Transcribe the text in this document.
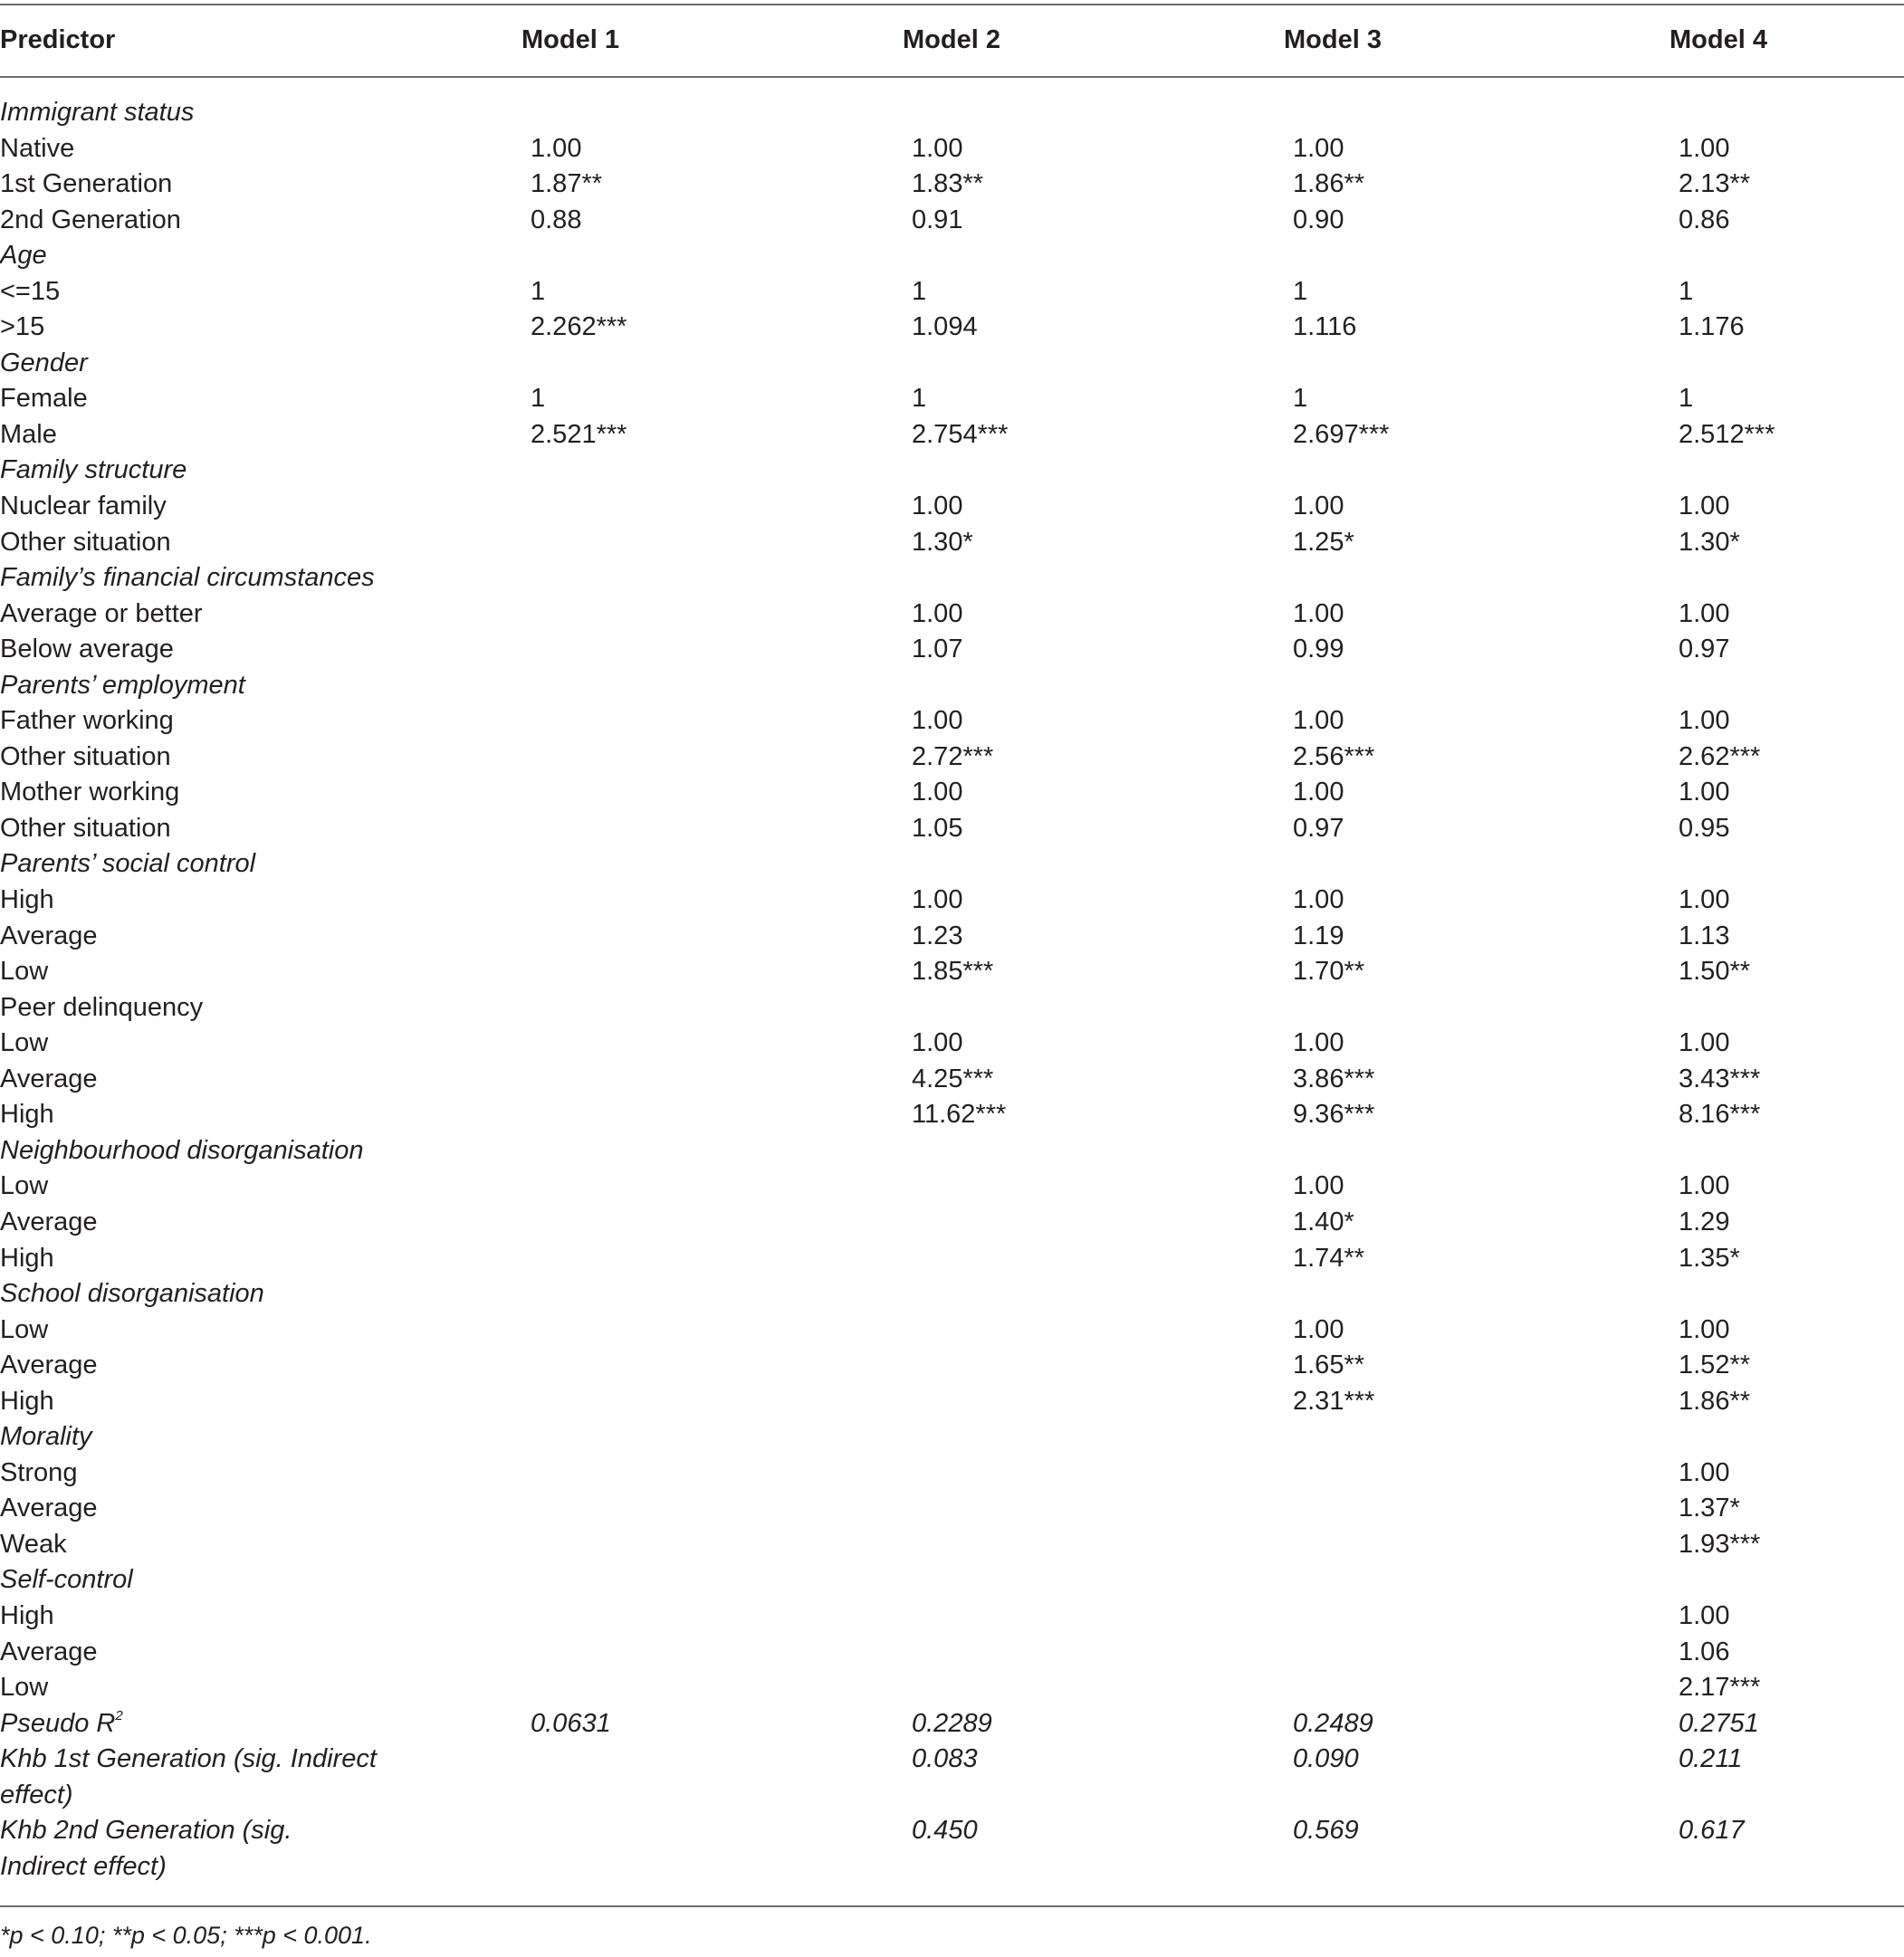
Predictor	Model 1	Model 2	Model 3	Model 4
Immigrant status				
Native	1.00	1.00	1.00	1.00
1st Generation	1.87**	1.83**	1.86**	2.13**
2nd Generation	0.88	0.91	0.90	0.86
Age				
<=15	1	1	1	1
>15	2.262***	1.094	1.116	1.176
Gender				
Female	1	1	1	1
Male	2.521***	2.754***	2.697***	2.512***
Family structure				
Nuclear family		1.00	1.00	1.00
Other situation		1.30*	1.25*	1.30*
Family’s financial circumstances				
Average or better		1.00	1.00	1.00
Below average		1.07	0.99	0.97
Parents’ employment				
Father working		1.00	1.00	1.00
Other situation		2.72***	2.56***	2.62***
Mother working		1.00	1.00	1.00
Other situation		1.05	0.97	0.95
Parents’ social control				
High		1.00	1.00	1.00
Average		1.23	1.19	1.13
Low		1.85***	1.70**	1.50**
Peer delinquency				
Low		1.00	1.00	1.00
Average		4.25***	3.86***	3.43***
High		11.62***	9.36***	8.16***
Neighbourhood disorganisation				
Low			1.00	1.00
Average			1.40*	1.29
High			1.74**	1.35*
School disorganisation				
Low			1.00	1.00
Average			1.65**	1.52**
High			2.31***	1.86**
Morality				
Strong				1.00
Average				1.37*
Weak				1.93***
Self-control				
High				1.00
Average				1.06
Low				2.17***
Pseudo $R^2$	0.0631	0.2289	0.2489	0.2751
Khb 1st Generation (sig. Indirect effect)		0.083	0.090	0.211
Khb 2nd Generation (sig. Indirect effect)		0.450	0.569	0.617
*p < 0.10; **p < 0.05; ***p < 0.001.
